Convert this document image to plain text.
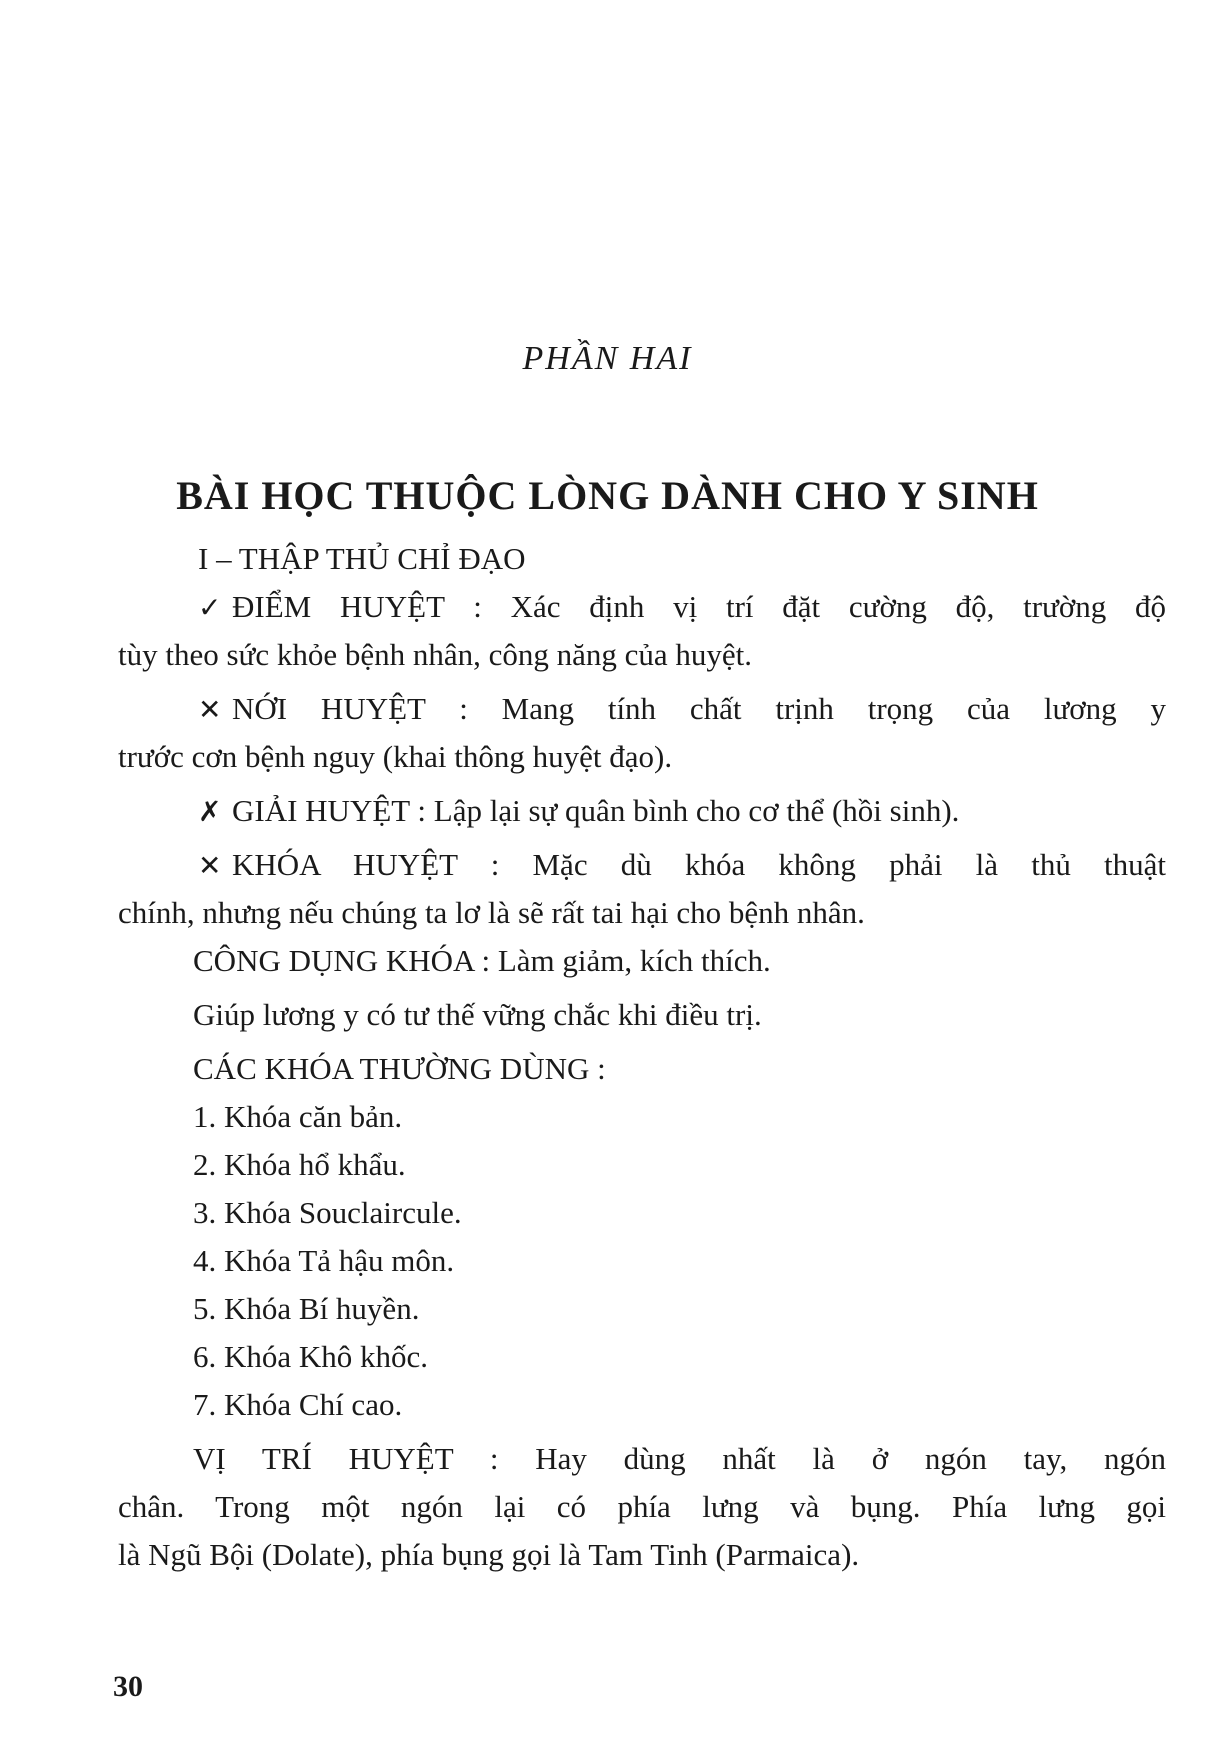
PHẦN HAI
BÀI HỌC THUỘC LÒNG DÀNH CHO Y SINH
I – THẬP THỦ CHỈ ĐẠO
✓ ĐIỂM HUYỆT : Xác định vị trí đặt cường độ, trường độ
tùy theo sức khỏe bệnh nhân, công năng của huyệt.
✕ NỚI HUYỆT : Mang tính chất trịnh trọng của lương y
trước cơn bệnh nguy (khai thông huyệt đạo).
✗ GIẢI HUYỆT : Lập lại sự quân bình cho cơ thể (hồi sinh).
✕ KHÓA HUYỆT : Mặc dù khóa không phải là thủ thuật
chính, nhưng nếu chúng ta lơ là sẽ rất tai hại cho bệnh nhân.
CÔNG DỤNG KHÓA : Làm giảm, kích thích.
Giúp lương y có tư thế vững chắc khi điều trị.
CÁC KHÓA THƯỜNG DÙNG :
1. Khóa căn bản.
2. Khóa hổ khẩu.
3. Khóa Souclaircule.
4. Khóa Tả hậu môn.
5. Khóa Bí huyền.
6. Khóa Khô khốc.
7. Khóa Chí cao.
VỊ TRÍ HUYỆT : Hay dùng nhất là ở ngón tay, ngón
chân. Trong một ngón lại có phía lưng và bụng. Phía lưng gọi
là Ngũ Bội (Dolate), phía bụng gọi là Tam Tinh (Parmaica).
30
